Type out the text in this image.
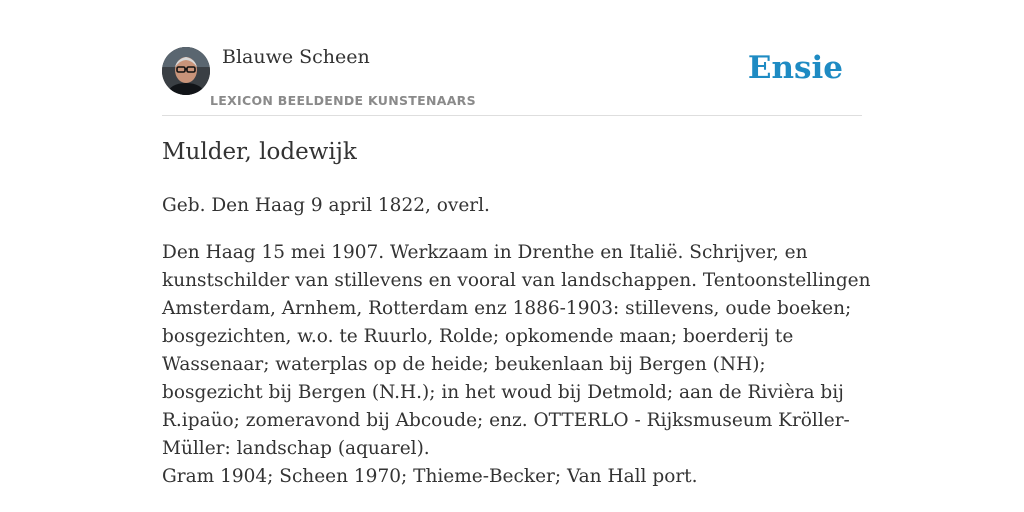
Blauwe Scheen
LEXICON BEELDENDE KUNSTENAARS
Ensie
Mulder, lodewijk

Geb. Den Haag 9 april 1822, overl.

Den Haag 15 mei 1907. Werkzaam in Drenthe en Italië. Schrijver, en kunstschilder van stillevens en vooral van landschappen. Tentoonstellingen Amsterdam, Arnhem, Rotterdam enz 1886-1903: stillevens, oude boeken; bosgezichten, w.o. te Ruurlo, Rolde; opkomende maan; boerderij te Wassenaar; waterplas op de heide; beukenlaan bij Bergen (NH); bosgezicht bij Bergen (N.H.); in het woud bij Detmold; aan de Rivièra bij R.ipaüo; zomeravond bij Abcoude; enz. OTTERLO - Rijksmuseum Kröller-Müller: landschap (aquarel).

Gram 1904; Scheen 1970; Thieme-Becker; Van Hall port.
